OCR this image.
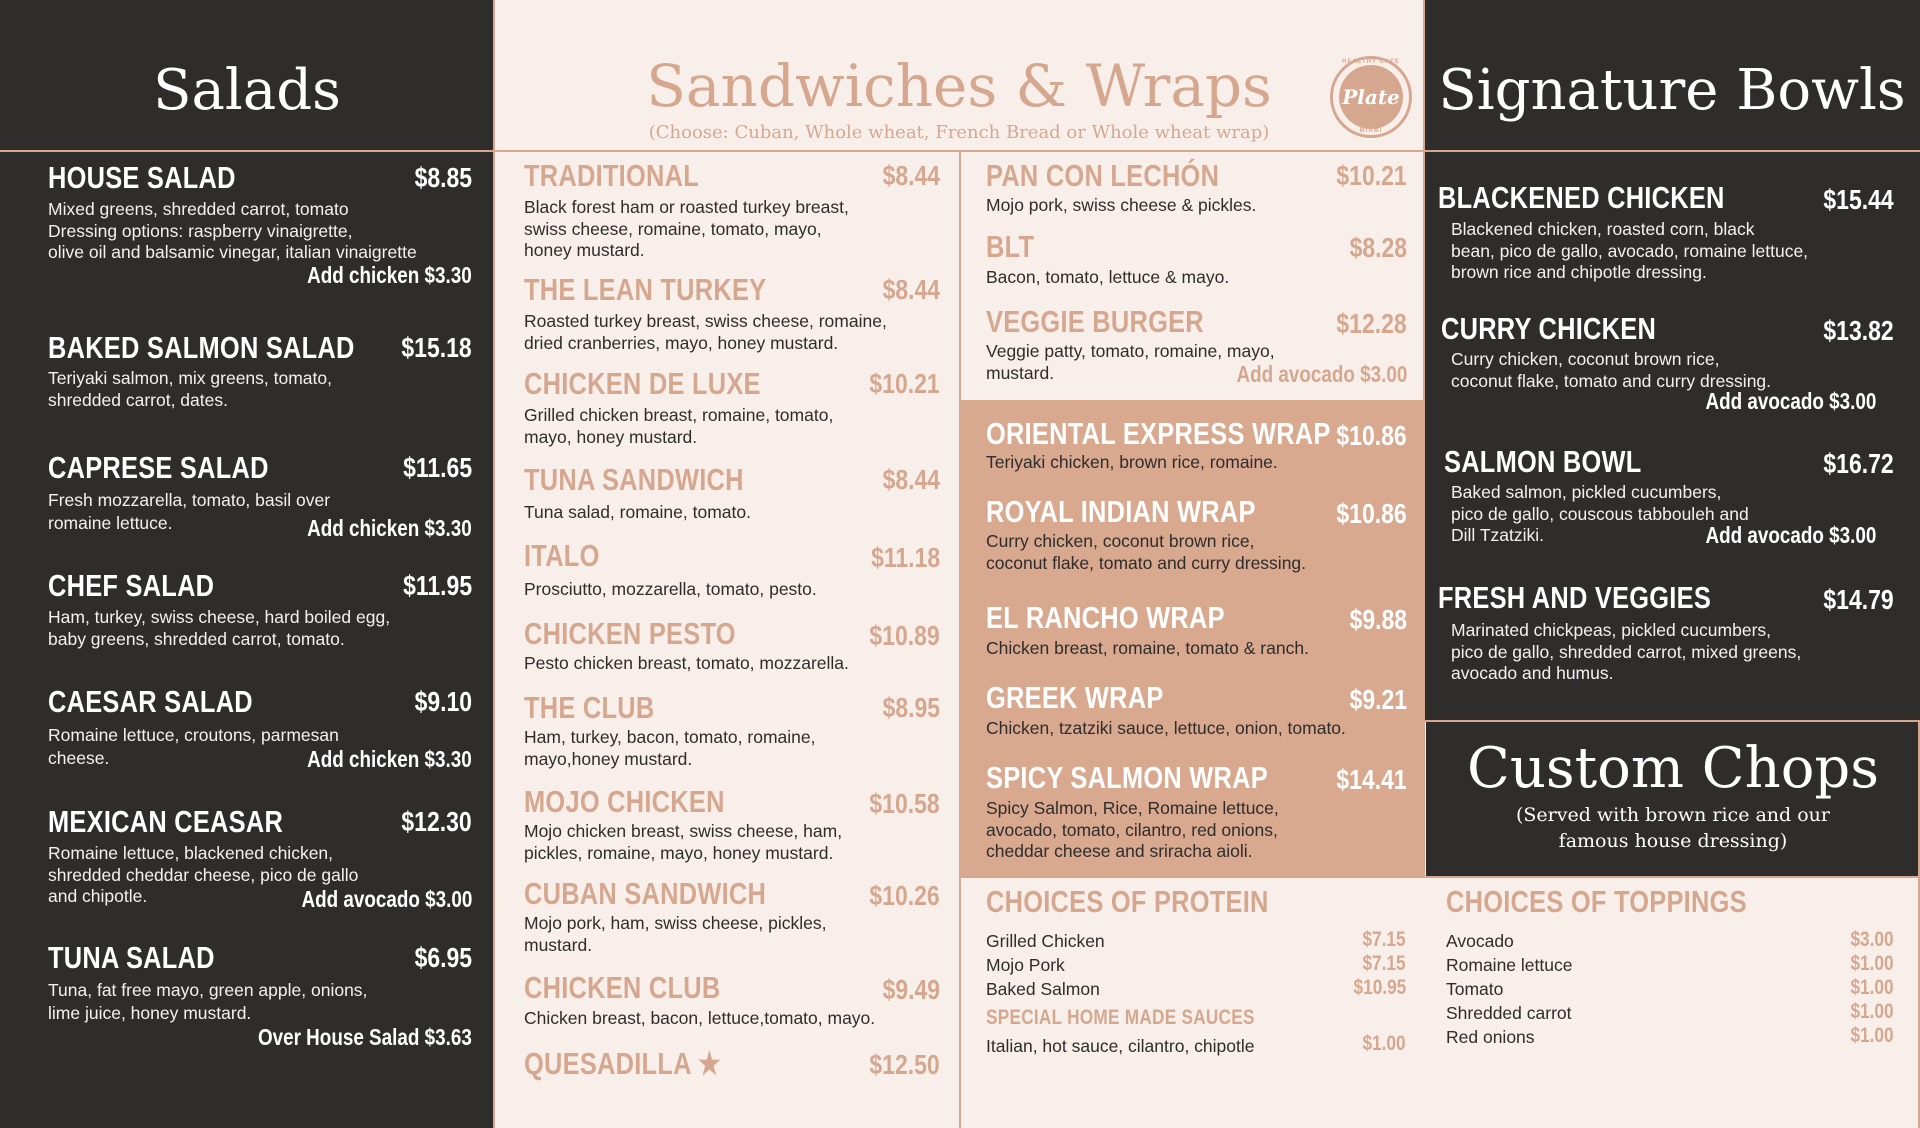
Salads	Sandwiches & Wraps
(Choose: Cuban, Whole wheat, French Bread or Whole wheat wrap)
HEALTHY CAFE
Plate
MIAMI
Signature Bowls
Custom Chops
(Served with brown rice and our
famous house dressing)
HOUSE SALAD	$8.85
Mixed greens, shredded carrot, tomato
Dressing options: raspberry vinaigrette,
olive oil and balsamic vinegar, italian vinaigrette
Add chicken $3.30
BAKED SALMON SALAD $15.18
Teriyaki salmon, mix greens, tomato,
shredded carrot, dates.
CAPRESE SALAD	$11.65
Fresh mozzarella, tomato, basil over
romaine lettuce.	Add chicken $3.30
CHEF SALAD	$11.95
Ham, turkey, swiss cheese, hard boiled egg,
baby greens, shredded carrot, tomato.
CAESAR SALAD	$9.10
Romaine lettuce, croutons, parmesan
cheese.	Add chicken $3.30
MEXICAN CEASAR	$12.30
Romaine lettuce, blackened chicken,
shredded cheddar cheese, pico de gallo
and chipotle.	Add avocado $3.00
TUNA SALAD	$6.95
Tuna, fat free mayo, green apple, onions,
lime juice, honey mustard.
Over House Salad $3.63
TRADITIONAL	$8.44
Black forest ham or roasted turkey breast,
swiss cheese, romaine, tomato, mayo,
honey mustard.
THE LEAN TURKEY	$8.44
Roasted turkey breast, swiss cheese, romaine,
dried cranberries, mayo, honey mustard.
CHICKEN DE LUXE	$10.21
Grilled chicken breast, romaine, tomato,
mayo, honey mustard.
TUNA SANDWICH	$8.44
Tuna salad, romaine, tomato.
ITALO	$11.18
Prosciutto, mozzarella, tomato, pesto.
CHICKEN PESTO	$10.89
Pesto chicken breast, tomato, mozzarella.
THE CLUB	$8.95
Ham, turkey, bacon, tomato, romaine,
mayo,honey mustard.
MOJO CHICKEN	$10.58
Mojo chicken breast, swiss cheese, ham,
pickles, romaine, mayo, honey mustard.
CUBAN SANDWICH	$10.26
Mojo pork, ham, swiss cheese, pickles,
mustard.
CHICKEN CLUB	$9.49
Chicken breast, bacon, lettuce,tomato, mayo.
QUESADILLA ★	$12.50
PAN CON LECHÓN	$10.21
Mojo pork, swiss cheese & pickles.
BLT	$8.28
Bacon, tomato, lettuce & mayo.
VEGGIE BURGER	$12.28
Veggie patty, tomato, romaine, mayo,
mustard.	Add avocado $3.00
ORIENTAL EXPRESS WRAP $10.86
Teriyaki chicken, brown rice, romaine.
ROYAL INDIAN WRAP	$10.86
Curry chicken, coconut brown rice,
coconut flake, tomato and curry dressing.
EL RANCHO WRAP	$9.88
Chicken breast, romaine, tomato & ranch.
GREEK WRAP	$9.21
Chicken, tzatziki sauce, lettuce, onion, tomato.
SPICY SALMON WRAP $14.41
Spicy Salmon, Rice, Romaine lettuce,
avocado, tomato, cilantro, red onions,
cheddar cheese and sriracha aioli.
BLACKENED CHICKEN	$15.44
Blackened chicken, roasted corn, black
bean, pico de gallo, avocado, romaine lettuce,
brown rice and chipotle dressing.
CURRY CHICKEN	$13.82
Curry chicken, coconut brown rice,
coconut flake, tomato and curry dressing.
Add avocado $3.00
SALMON BOWL	$16.72
Baked salmon, pickled cucumbers,
pico de gallo, couscous tabbouleh and
Dill Tzatziki.	Add avocado $3.00
FRESH AND VEGGIES	$14.79
Marinated chickpeas, pickled cucumbers,
pico de gallo, shredded carrot, mixed greens,
avocado and humus.
CHOICES OF PROTEIN
Grilled Chicken	$7.15
Mojo Pork	$7.15
Baked Salmon	$10.95
SPECIAL HOME MADE SAUCES
Italian, hot sauce, cilantro, chipotle	$1.00
CHOICES OF TOPPINGS
Avocado	$3.00
Romaine lettuce	$1.00
Tomato	$1.00
Shredded carrot	$1.00
Red onions	$1.00
